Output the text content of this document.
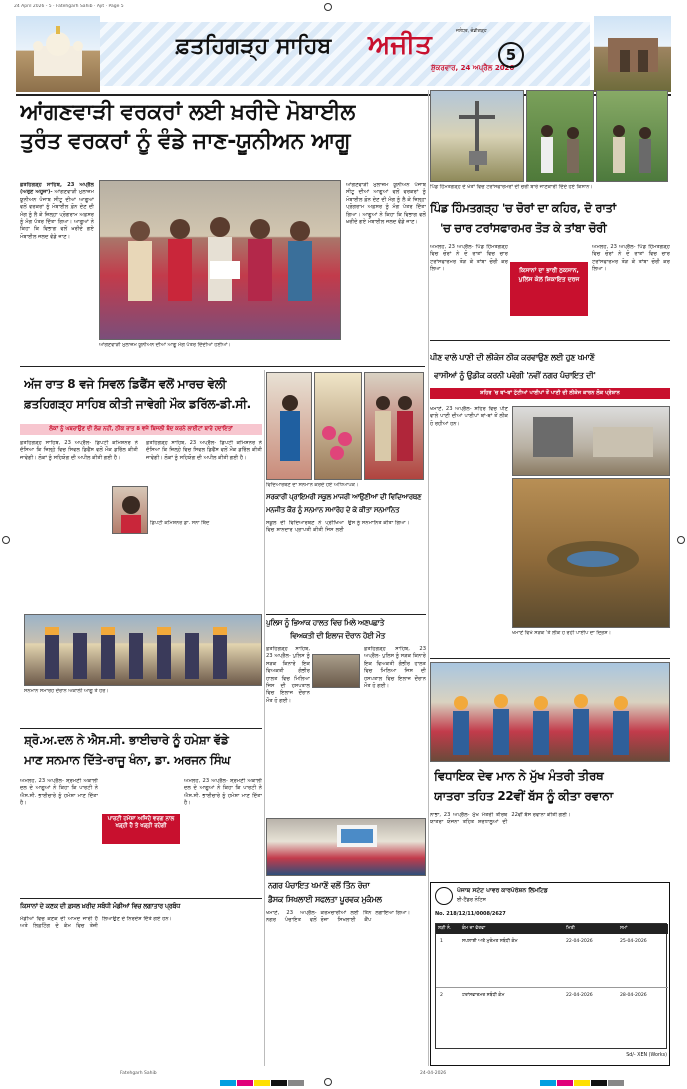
24 April 2026 - 5 · Fatehgarh Sahib · Ajit · Page 5
ਫ਼ਤਹਿਗੜ੍ਹ ਸਾਹਿਬ	ਅਜੀਤ	ਜਲੰਧਰ, ਚੰਡੀਗੜ੍ਹ
ਸ਼ੁੱਕਰਵਾਰ, 24 ਅਪ੍ਰੈਲ 2026
5
ਆਂਗਣਵਾੜੀ ਵਰਕਰਾਂ ਲਈ ਖ਼ਰੀਦੇ ਮੋਬਾਈਲ
ਤੁਰੰਤ ਵਰਕਰਾਂ ਨੂੰ ਵੰਡੇ ਜਾਣ-ਯੂਨੀਅਨ ਆਗੂ
ਫ਼ਤਹਿਗੜ੍ਹ ਸਾਹਿਬ, 23 ਅਪ੍ਰੈਲ (ਅਰੁਣ ਅਹੂਜਾ)- ਆਂਗਣਵਾੜੀ ਮੁਲਾਜ਼ਮ ਯੂਨੀਅਨ ਪੰਜਾਬ ਸੀਟੂ ਦੀਆਂ ਆਗੂਆਂ ਵਲੋਂ ਵਰਕਰਾਂ ਨੂੰ ਮੋਬਾਈਲ ਫ਼ੋਨ ਦੇਣ ਦੀ ਮੰਗ ਨੂੰ ਲੈ ਕੇ ਜ਼ਿਲ੍ਹਾ ਪ੍ਰੋਗਰਾਮ ਅਫ਼ਸਰ ਨੂੰ ਮੰਗ ਪੱਤਰ ਦਿੱਤਾ ਗਿਆ। ਆਗੂਆਂ ਨੇ ਕਿਹਾ ਕਿ ਵਿਭਾਗ ਵਲੋਂ ਖ਼ਰੀਦੇ ਗਏ ਮੋਬਾਈਲ ਜਲਦ ਵੰਡੇ ਜਾਣ।
ਆਂਗਣਵਾੜੀ ਮੁਲਾਜ਼ਮ ਯੂਨੀਅਨ ਦੀਆਂ ਆਗੂ ਮੰਗ ਪੱਤਰ ਦਿੰਦੀਆਂ ਹੋਈਆਂ।
ਆਂਗਣਵਾੜੀ ਮੁਲਾਜ਼ਮ ਯੂਨੀਅਨ ਪੰਜਾਬ ਸੀਟੂ ਦੀਆਂ ਆਗੂਆਂ ਵਲੋਂ ਵਰਕਰਾਂ ਨੂੰ ਮੋਬਾਈਲ ਫ਼ੋਨ ਦੇਣ ਦੀ ਮੰਗ ਨੂੰ ਲੈ ਕੇ ਜ਼ਿਲ੍ਹਾ ਪ੍ਰੋਗਰਾਮ ਅਫ਼ਸਰ ਨੂੰ ਮੰਗ ਪੱਤਰ ਦਿੱਤਾ ਗਿਆ। ਆਗੂਆਂ ਨੇ ਕਿਹਾ ਕਿ ਵਿਭਾਗ ਵਲੋਂ ਖ਼ਰੀਦੇ ਗਏ ਮੋਬਾਈਲ ਜਲਦ ਵੰਡੇ ਜਾਣ।
ਅੱਜ ਰਾਤ 8 ਵਜੇ ਸਿਵਲ ਡਿਫੈਂਸ ਵਲੋਂ ਮਾਰਚ ਵੇਲੀ
ਫ਼ਤਹਿਗੜ੍ਹ ਸਾਹਿਬ ਕੀਤੀ ਜਾਵੇਗੀ ਮੌਕ ਡਰਿੱਲ-ਡੀ.ਸੀ.
ਲੋਕਾਂ ਨੂੰ ਘਬਰਾਉਣ ਦੀ ਲੋੜ ਨਹੀਂ, ਠੀਕ ਰਾਤ 8 ਵਜੇ ਬਿਜਲੀ ਬੰਦ ਕਰਨੇ ਲਾਈਟਾਂ ਬਾਰੇ ਹਦਾਇਤਾਂ
ਫ਼ਤਹਿਗੜ੍ਹ ਸਾਹਿਬ, 23 ਅਪ੍ਰੈਲ- ਡਿਪਟੀ ਕਮਿਸ਼ਨਰ ਨੇ ਦੱਸਿਆ ਕਿ ਜ਼ਿਲ੍ਹੇ ਵਿਚ ਸਿਵਲ ਡਿਫੈਂਸ ਵਲੋਂ ਮੌਕ ਡਰਿੱਲ ਕੀਤੀ ਜਾਵੇਗੀ। ਲੋਕਾਂ ਨੂੰ ਸਹਿਯੋਗ ਦੀ ਅਪੀਲ ਕੀਤੀ ਗਈ ਹੈ।
ਡਿਪਟੀ ਕਮਿਸ਼ਨਰ ਡਾ. ਸੋਨਾ ਥਿੰਦ
ਫ਼ਤਹਿਗੜ੍ਹ ਸਾਹਿਬ, 23 ਅਪ੍ਰੈਲ- ਡਿਪਟੀ ਕਮਿਸ਼ਨਰ ਨੇ ਦੱਸਿਆ ਕਿ ਜ਼ਿਲ੍ਹੇ ਵਿਚ ਸਿਵਲ ਡਿਫੈਂਸ ਵਲੋਂ ਮੌਕ ਡਰਿੱਲ ਕੀਤੀ ਜਾਵੇਗੀ। ਲੋਕਾਂ ਨੂੰ ਸਹਿਯੋਗ ਦੀ ਅਪੀਲ ਕੀਤੀ ਗਈ ਹੈ।
ਸਨਮਾਨ ਸਮਾਰੋਹ ਦੌਰਾਨ ਅਕਾਲੀ ਆਗੂ ਤੇ ਹੋਰ।
ਸ਼੍ਰੋ.ਅ.ਦਲ ਨੇ ਐਸ.ਸੀ. ਭਾਈਚਾਰੇ ਨੂੰ ਹਮੇਸ਼ਾ ਵੱਡੇ
ਮਾਣ ਸਨਮਾਨ ਦਿੱਤੇ-ਰਾਜੂ ਖੰਨਾ, ਡਾ. ਅਰਜਨ ਸਿੰਘ
ਅਮਲੋਹ, 23 ਅਪ੍ਰੈਲ- ਸ਼੍ਰੋਮਣੀ ਅਕਾਲੀ ਦਲ ਦੇ ਆਗੂਆਂ ਨੇ ਕਿਹਾ ਕਿ ਪਾਰਟੀ ਨੇ ਐਸ.ਸੀ. ਭਾਈਚਾਰੇ ਨੂੰ ਹਮੇਸ਼ਾ ਮਾਣ ਦਿੱਤਾ ਹੈ।
ਪਾਰਟੀ ਹਮੇਸ਼ਾ ਅਜਿਹੇ ਵਰਗ ਨਾਲ ਖੜ੍ਹੀ ਹੈ ਤੇ ਖੜ੍ਹੀ ਰਹੇਗੀ
ਅਮਲੋਹ, 23 ਅਪ੍ਰੈਲ- ਸ਼੍ਰੋਮਣੀ ਅਕਾਲੀ ਦਲ ਦੇ ਆਗੂਆਂ ਨੇ ਕਿਹਾ ਕਿ ਪਾਰਟੀ ਨੇ ਐਸ.ਸੀ. ਭਾਈਚਾਰੇ ਨੂੰ ਹਮੇਸ਼ਾ ਮਾਣ ਦਿੱਤਾ ਹੈ।
ਕਿਸਾਨਾਂ ਦੇ ਕਣਕ ਦੀ ਫ਼ਸਲ ਖ਼ਰੀਦ ਸਬੰਧੀ ਮੰਡੀਆਂ ਵਿਚ ਲਗਾਤਾਰ ਪ੍ਰਬੰਧ
ਮੰਡੀਆਂ ਵਿਚ ਕਣਕ ਦੀ ਆਮਦ ਜਾਰੀ ਹੈ ਅਤੇ ਲਿਫ਼ਟਿੰਗ ਦੇ ਕੰਮ ਵਿਚ ਤੇਜ਼ੀ ਲਿਆਉਣ ਦੇ ਨਿਰਦੇਸ਼ ਦਿੱਤੇ ਗਏ ਹਨ।
ਵਿਦਿਆਰਥਣ ਦਾ ਸਨਮਾਨ ਕਰਦੇ ਹੋਏ ਅਧਿਆਪਕ।
ਸਰਕਾਰੀ ਪ੍ਰਾਇਮਰੀ ਸਕੂਲ ਮਾਜਰੀ ਆਉਣੀਆਂ ਦੀ ਵਿਦਿਆਰਥਣ
ਮਨਜੀਤ ਕੌਰ ਨੂੰ ਸਨਮਾਨ ਸਮਾਰੋਹ ਦੇ ਕੇ ਕੀਤਾ ਸਨਮਾਨਿਤ
ਸਕੂਲ ਦੀ ਵਿਦਿਆਰਥਣ ਨੇ ਪ੍ਰੀਖਿਆ ਵਿਚ ਸ਼ਾਨਦਾਰ ਪ੍ਰਾਪਤੀ ਕੀਤੀ ਜਿਸ ਲਈ ਉਸ ਨੂੰ ਸਨਮਾਨਿਤ ਕੀਤਾ ਗਿਆ।
ਪੁਲਿਸ ਨੂੰ ਭਿਆਕ ਹਾਲਤ ਵਿਚ ਮਿਲੇ ਅਣਪਛਾਤੇ
ਵਿਅਕਤੀ ਦੀ ਇਲਾਜ ਦੌਰਾਨ ਹੋਈ ਮੌਤ
ਫ਼ਤਹਿਗੜ੍ਹ ਸਾਹਿਬ, 23 ਅਪ੍ਰੈਲ- ਪੁਲਿਸ ਨੂੰ ਸੜਕ ਕਿਨਾਰੇ ਇਕ ਵਿਅਕਤੀ ਗੰਭੀਰ ਹਾਲਤ ਵਿਚ ਮਿਲਿਆ ਜਿਸ ਦੀ ਹਸਪਤਾਲ ਵਿਚ ਇਲਾਜ ਦੌਰਾਨ ਮੌਤ ਹੋ ਗਈ।
ਫ਼ਤਹਿਗੜ੍ਹ ਸਾਹਿਬ, 23 ਅਪ੍ਰੈਲ- ਪੁਲਿਸ ਨੂੰ ਸੜਕ ਕਿਨਾਰੇ ਇਕ ਵਿਅਕਤੀ ਗੰਭੀਰ ਹਾਲਤ ਵਿਚ ਮਿਲਿਆ ਜਿਸ ਦੀ ਹਸਪਤਾਲ ਵਿਚ ਇਲਾਜ ਦੌਰਾਨ ਮੌਤ ਹੋ ਗਈ।
ਨਗਰ ਪੰਚਾਇਤ ਖਮਾਣੋਂ ਵਲੋਂ ਤਿੰਨ ਰੋਜ਼ਾ
ਡੈਸਕ ਸਿਖਲਾਈ ਸਫਲਤਾ ਪੂਰਵਕ ਮੁਕੰਮਲ
ਖਮਾਣੋਂ, 23 ਅਪ੍ਰੈਲ- ਨਗਰ ਪੰਚਾਇਤ ਵਲੋਂ ਕਰਮਚਾਰੀਆਂ ਲਈ ਤਿੰਨ ਰੋਜ਼ਾ ਸਿਖਲਾਈ ਕੈਂਪ ਲਗਾਇਆ ਗਿਆ।
ਪਿੰਡ ਹਿੰਮਤਗੜ੍ਹ ਦੇ ਖੇਤਾਂ ਵਿਚ ਟਰਾਂਸਫਾਰਮਰਾਂ ਦੀ ਚੋਰੀ ਬਾਰੇ ਜਾਣਕਾਰੀ ਦਿੰਦੇ ਹੋਏ ਕਿਸਾਨ।
ਪਿੰਡ ਹਿੰਮਤਗੜ੍ਹ 'ਚ ਚੋਰਾਂ ਦਾ ਕਹਿਰ, ਦੋ ਰਾਤਾਂ
'ਚ ਚਾਰ ਟਰਾਂਸਫਾਰਮਰ ਤੋੜ ਕੇ ਤਾਂਬਾ ਚੋਰੀ
ਅਮਲੋਹ, 23 ਅਪ੍ਰੈਲ- ਪਿੰਡ ਹਿੰਮਤਗੜ੍ਹ ਵਿਚ ਚੋਰਾਂ ਨੇ ਦੋ ਰਾਤਾਂ ਵਿਚ ਚਾਰ ਟਰਾਂਸਫਾਰਮਰ ਤੋੜ ਕੇ ਤਾਂਬਾ ਚੋਰੀ ਕਰ ਲਿਆ।	ਕਿਸਾਨਾਂ ਦਾ ਭਾਰੀ ਨੁਕਸਾਨ, ਪੁਲਿਸ ਕੋਲ ਸ਼ਿਕਾਇਤ ਦਰਜ
ਅਮਲੋਹ, 23 ਅਪ੍ਰੈਲ- ਪਿੰਡ ਹਿੰਮਤਗੜ੍ਹ ਵਿਚ ਚੋਰਾਂ ਨੇ ਦੋ ਰਾਤਾਂ ਵਿਚ ਚਾਰ ਟਰਾਂਸਫਾਰਮਰ ਤੋੜ ਕੇ ਤਾਂਬਾ ਚੋਰੀ ਕਰ ਲਿਆ।
ਪੀਣ ਵਾਲੇ ਪਾਣੀ ਦੀ ਲੀਕੇਜ ਠੀਕ ਕਰਵਾਉਣ ਲਈ ਹੁਣ ਖਮਾਣੋਂ
ਵਾਸੀਆਂ ਨੂੰ ਉਡੀਕ ਕਰਨੀ ਪਵੇਗੀ 'ਨਵੀਂ ਨਗਰ ਪੰਚਾਇਤ ਦੀ'
ਸ਼ਹਿਰ 'ਚ ਥਾਂ-ਥਾਂ ਟੁੱਟੀਆਂ ਪਾਈਪਾਂ ਤੋਂ ਪਾਣੀ ਦੀ ਲੀਕੇਜ ਕਾਰਨ ਲੋਕ ਪ੍ਰੇਸ਼ਾਨ
ਖਮਾਣੋਂ, 23 ਅਪ੍ਰੈਲ- ਸ਼ਹਿਰ ਵਿਚ ਪੀਣ ਵਾਲੇ ਪਾਣੀ ਦੀਆਂ ਪਾਈਪਾਂ ਥਾਂ-ਥਾਂ ਤੋਂ ਲੀਕ ਹੋ ਰਹੀਆਂ ਹਨ।
ਖਮਾਣੋਂ ਵਿਖੇ ਸੜਕ 'ਤੇ ਲੀਕ ਹੋ ਰਹੀ ਪਾਈਪ ਦਾ ਦ੍ਰਿਸ਼।
ਵਿਧਾਇਕ ਦੇਵ ਮਾਨ ਨੇ ਮੁੱਖ ਮੰਤਰੀ ਤੀਰਥ
ਯਾਤਰਾ ਤਹਿਤ 22ਵੀਂ ਬੱਸ ਨੂੰ ਕੀਤਾ ਰਵਾਨਾ
ਨਾਭਾ, 23 ਅਪ੍ਰੈਲ- ਮੁੱਖ ਮੰਤਰੀ ਤੀਰਥ ਯਾਤਰਾ ਯੋਜਨਾ ਤਹਿਤ ਸ਼ਰਧਾਲੂਆਂ ਦੀ 22ਵੀਂ ਬੱਸ ਰਵਾਨਾ ਕੀਤੀ ਗਈ।
ਪੰਜਾਬ ਸਟੇਟ ਪਾਵਰ ਕਾਰਪੋਰੇਸ਼ਨ ਲਿਮਟਿਡ
ਈ-ਟੈਂਡਰ ਨੋਟਿਸ
No. 218/12/11/0008/2627
ਲੜੀ ਨੰ.	ਕੰਮ ਦਾ ਵੇਰਵਾ	ਮਿਤੀ	ਸਮਾਂ
1	ਸਪਲਾਈ ਅਤੇ ਮੁਰੰਮਤ ਸਬੰਧੀ ਕੰਮ	22-04-2026	25-04-2026
2	ਟਰਾਂਸਫਾਰਮਰ ਸਬੰਧੀ ਕੰਮ	22-04-2026	28-04-2026
Sd/- XEN (Works)
Fatehgarh Sahib	24-04-2026
